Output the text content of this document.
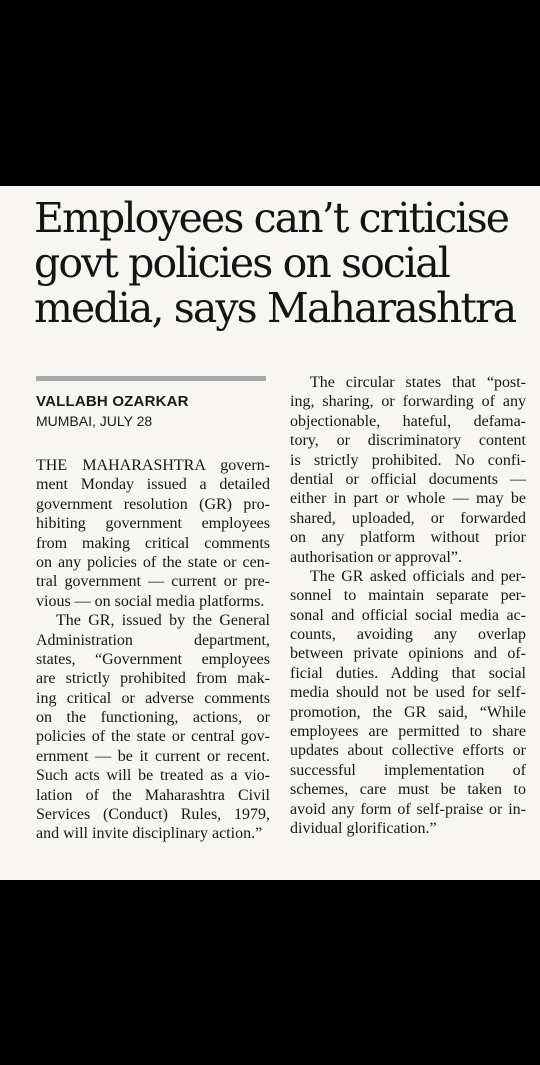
Employees can’t criticise
govt policies on social
media, says Maharashtra

VALLABH OZARKAR

MUMBAI, JULY 28

THE MAHARASHTRA govern-
ment Monday issued a detailed
government resolution (GR) pro-
hibiting government employees
from making critical comments
on any policies of the state or cen-
tral government — current or pre-
vious — on social media platforms.
The GR, issued by the General
Administration department,
states, “Government employees
are strictly prohibited from mak-
ing critical or adverse comments
on the functioning, actions, or
policies of the state or central gov-
ernment — be it current or recent.
Such acts will be treated as a vio-
lation of the Maharashtra Civil
Services (Conduct) Rules, 1979,
and will invite disciplinary action.”
The circular states that “post-
ing, sharing, or forwarding of any
objectionable, hateful, defama-
tory, or discriminatory content
is strictly prohibited. No confi-
dential or official documents —
either in part or whole — may be
shared, uploaded, or forwarded
on any platform without prior
authorisation or approval”.
The GR asked officials and per-
sonnel to maintain separate per-
sonal and official social media ac-
counts, avoiding any overlap
between private opinions and of-
ficial duties. Adding that social
media should not be used for self-
promotion, the GR said, “While
employees are permitted to share
updates about collective efforts or
successful implementation of
schemes, care must be taken to
avoid any form of self-praise or in-
dividual glorification.”
